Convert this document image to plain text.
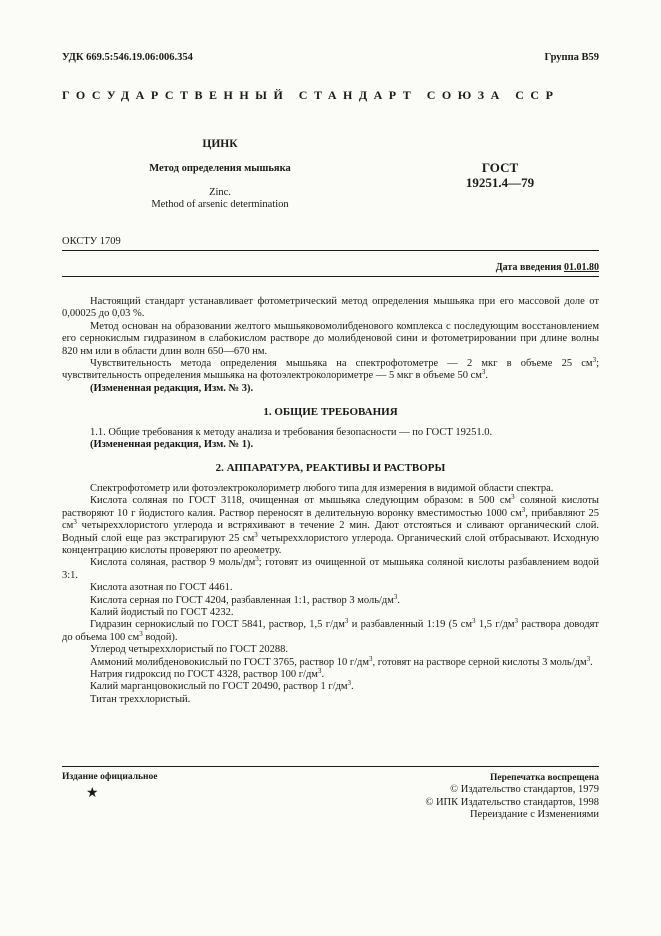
УДК 669.5:546.19.06:006.354	Группа В59
ГОСУДАРСТВЕННЫЙ СТАНДАРТ СОЮЗА ССР
ЦИНК
Метод определения мышьяка
Zinc.
Method of arsenic determination
ГОСТ
19251.4—79
ОКСТУ 1709
Дата введения 01.01.80

Настоящий стандарт устанавливает фотометрический метод определения мышьяка при его массовой доле от 0,00025 до 0,03 %.

Метод основан на образовании желтого мышьяковомолибденового комплекса с последующим восстановлением его сернокислым гидразином в слабокислом растворе до молибденовой сини и фотометрировании при длине волны 820 нм или в области длин волн 650—670 нм.

Чувствительность метода определения мышьяка на спектрофотометре — 2 мкг в объеме 25 $см^3$; чувствительность определения мышьяка на фотоэлектроколориметре — 5 мкг в объеме 50 $см^3$.

(Измененная редакция, Изм. № 3).

1. ОБЩИЕ ТРЕБОВАНИЯ

1.1. Общие требования к методу анализа и требования безопасности — по ГОСТ 19251.0.

(Измененная редакция, Изм. № 1).

2. АППАРАТУРА, РЕАКТИВЫ И РАСТВОРЫ

Спектрофотометр или фотоэлектроколориметр любого типа для измерения в видимой области спектра.

Кислота соляная по ГОСТ 3118, очищенная от мышьяка следующим образом: в 500 $см^3$ соляной кислоты растворяют 10 г йодистого калия. Раствор переносят в делительную воронку вместимостью 1000 $см^3$, прибавляют 25 $см^3$ четыреххлористого углерода и встряхивают в течение 2 мин. Дают отстояться и сливают органический слой. Водный слой еще раз экстрагируют 25 $см^3$ четыреххлористого углерода. Органический слой отбрасывают. Исходную концентрацию кислоты проверяют по ареометру.

Кислота соляная, раствор 9 моль/$дм^3$; готовят из очищенной от мышьяка соляной кислоты разбавлением водой 3:1.

Кислота азотная по ГОСТ 4461.

Кислота серная по ГОСТ 4204, разбавленная 1:1, раствор 3 моль/$дм^3$.

Калий йодистый по ГОСТ 4232.

Гидразин сернокислый по ГОСТ 5841, раствор, 1,5 $г/дм^3$ и разбавленный 1:19 (5 $см^3$ 1,5 $г/дм^3$ раствора доводят до объема 100 $см^3$ водой).

Углерод четыреххлористый по ГОСТ 20288.

Аммоний молибденовокислый по ГОСТ 3765, раствор 10 $г/дм^3$, готовят на растворе серной кислоты 3 моль/$дм^3$.

Натрия гидроксид по ГОСТ 4328, раствор 100 $г/дм^3$.

Калий марганцовокислый по ГОСТ 20490, раствор 1 $г/дм^3$.

Титан треххлористый.

Издание официальное
★
Перепечатка воспрещена
© Издательство стандартов, 1979
© ИПК Издательство стандартов, 1998
Переиздание с Изменениями
